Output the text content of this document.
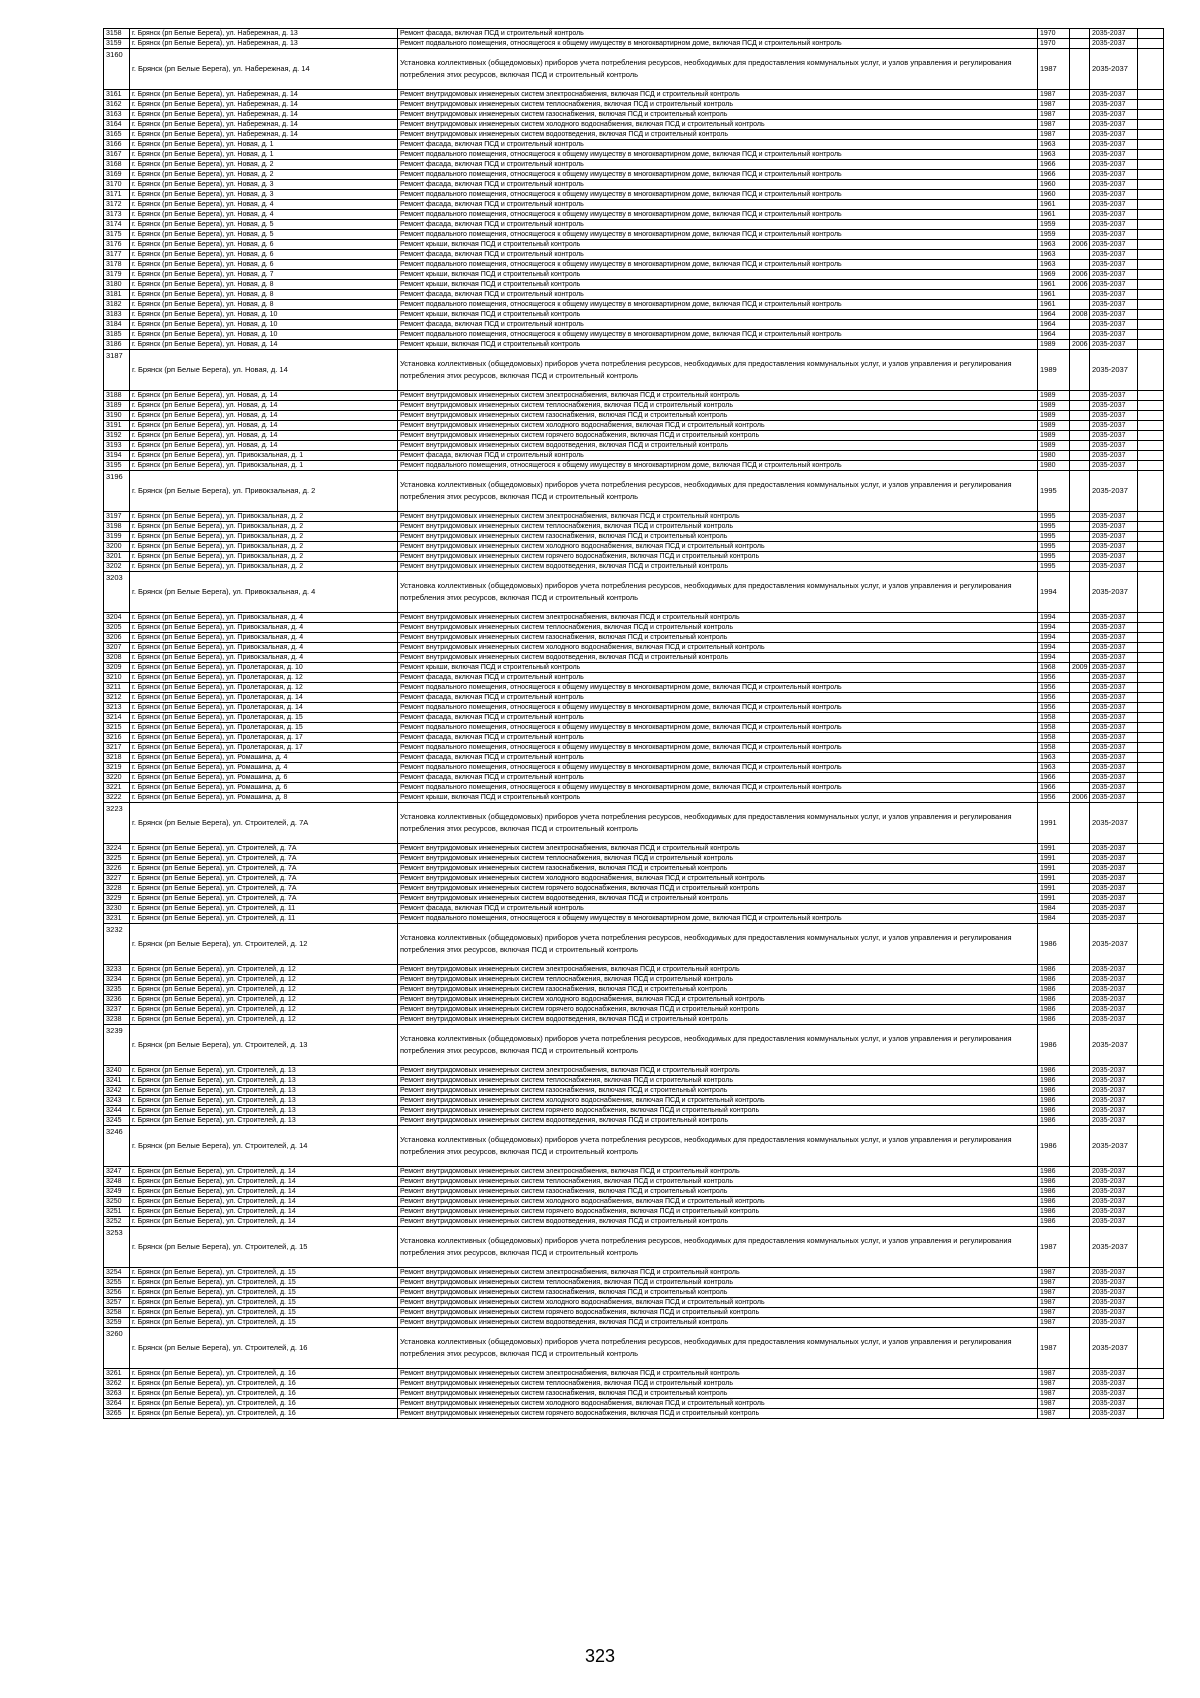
3158	г. Брянск (рп Белые Берега), ул. Набережная, д. 13	Ремонт фасада, включая ПСД и строительный контроль	1970		2035-2037	
3159	г. Брянск (рп Белые Берега), ул. Набережная, д. 13	Ремонт подвального помещения, относящегося к общему имуществу в многоквартирном доме, включая ПСД и строительный контроль	1970		2035-2037	
3160	г. Брянск (рп Белые Берега), ул. Набережная, д. 14	Установка коллективных (общедомовых) приборов учета потребления ресурсов, необходимых для предоставления коммунальных услуг, и узлов управления и регулирования потребления этих ресурсов, включая ПСД и строительный контроль	1987		2035-2037	
3161	г. Брянск (рп Белые Берега), ул. Набережная, д. 14	Ремонт внутридомовых инженерных систем электроснабжения, включая ПСД и строительный контроль	1987		2035-2037	
3162	г. Брянск (рп Белые Берега), ул. Набережная, д. 14	Ремонт внутридомовых инженерных систем теплоснабжения, включая ПСД и строительный контроль	1987		2035-2037	
3163	г. Брянск (рп Белые Берега), ул. Набережная, д. 14	Ремонт внутридомовых инженерных систем газоснабжения, включая ПСД и строительный контроль	1987		2035-2037	
3164	г. Брянск (рп Белые Берега), ул. Набережная, д. 14	Ремонт внутридомовых инженерных систем холодного водоснабжения, включая ПСД и строительный контроль	1987		2035-2037	
3165	г. Брянск (рп Белые Берега), ул. Набережная, д. 14	Ремонт внутридомовых инженерных систем водоотведения, включая ПСД и строительный контроль	1987		2035-2037	
3166	г. Брянск (рп Белые Берега), ул. Новая, д. 1	Ремонт фасада, включая ПСД и строительный контроль	1963		2035-2037	
3167	г. Брянск (рп Белые Берега), ул. Новая, д. 1	Ремонт подвального помещения, относящегося к общему имуществу в многоквартирном доме, включая ПСД и строительный контроль	1963		2035-2037	
3168	г. Брянск (рп Белые Берега), ул. Новая, д. 2	Ремонт фасада, включая ПСД и строительный контроль	1966		2035-2037	
3169	г. Брянск (рп Белые Берега), ул. Новая, д. 2	Ремонт подвального помещения, относящегося к общему имуществу в многоквартирном доме, включая ПСД и строительный контроль	1966		2035-2037	
3170	г. Брянск (рп Белые Берега), ул. Новая, д. 3	Ремонт фасада, включая ПСД и строительный контроль	1960		2035-2037	
3171	г. Брянск (рп Белые Берега), ул. Новая, д. 3	Ремонт подвального помещения, относящегося к общему имуществу в многоквартирном доме, включая ПСД и строительный контроль	1960		2035-2037	
3172	г. Брянск (рп Белые Берега), ул. Новая, д. 4	Ремонт фасада, включая ПСД и строительный контроль	1961		2035-2037	
3173	г. Брянск (рп Белые Берега), ул. Новая, д. 4	Ремонт подвального помещения, относящегося к общему имуществу в многоквартирном доме, включая ПСД и строительный контроль	1961		2035-2037	
3174	г. Брянск (рп Белые Берега), ул. Новая, д. 5	Ремонт фасада, включая ПСД и строительный контроль	1959		2035-2037	
3175	г. Брянск (рп Белые Берега), ул. Новая, д. 5	Ремонт подвального помещения, относящегося к общему имуществу в многоквартирном доме, включая ПСД и строительный контроль	1959		2035-2037	
3176	г. Брянск (рп Белые Берега), ул. Новая, д. 6	Ремонт крыши, включая ПСД и строительный контроль	1963	2006	2035-2037	
3177	г. Брянск (рп Белые Берега), ул. Новая, д. 6	Ремонт фасада, включая ПСД и строительный контроль	1963		2035-2037	
3178	г. Брянск (рп Белые Берега), ул. Новая, д. 6	Ремонт подвального помещения, относящегося к общему имуществу в многоквартирном доме, включая ПСД и строительный контроль	1963		2035-2037	
3179	г. Брянск (рп Белые Берега), ул. Новая, д. 7	Ремонт крыши, включая ПСД и строительный контроль	1969	2006	2035-2037	
3180	г. Брянск (рп Белые Берега), ул. Новая, д. 8	Ремонт крыши, включая ПСД и строительный контроль	1961	2006	2035-2037	
3181	г. Брянск (рп Белые Берега), ул. Новая, д. 8	Ремонт фасада, включая ПСД и строительный контроль	1961		2035-2037	
3182	г. Брянск (рп Белые Берега), ул. Новая, д. 8	Ремонт подвального помещения, относящегося к общему имуществу в многоквартирном доме, включая ПСД и строительный контроль	1961		2035-2037	
3183	г. Брянск (рп Белые Берега), ул. Новая, д. 10	Ремонт крыши, включая ПСД и строительный контроль	1964	2008	2035-2037	
3184	г. Брянск (рп Белые Берега), ул. Новая, д. 10	Ремонт фасада, включая ПСД и строительный контроль	1964		2035-2037	
3185	г. Брянск (рп Белые Берега), ул. Новая, д. 10	Ремонт подвального помещения, относящегося к общему имуществу в многоквартирном доме, включая ПСД и строительный контроль	1964		2035-2037	
3186	г. Брянск (рп Белые Берега), ул. Новая, д. 14	Ремонт крыши, включая ПСД и строительный контроль	1989	2006	2035-2037	
3187	г. Брянск (рп Белые Берега), ул. Новая, д. 14	Установка коллективных (общедомовых) приборов учета потребления ресурсов, необходимых для предоставления коммунальных услуг, и узлов управления и регулирования потребления этих ресурсов, включая ПСД и строительный контроль	1989		2035-2037	
3188	г. Брянск (рп Белые Берега), ул. Новая, д. 14	Ремонт внутридомовых инженерных систем электроснабжения, включая ПСД и строительный контроль	1989		2035-2037	
3189	г. Брянск (рп Белые Берега), ул. Новая, д. 14	Ремонт внутридомовых инженерных систем теплоснабжения, включая ПСД и строительный контроль	1989		2035-2037	
3190	г. Брянск (рп Белые Берега), ул. Новая, д. 14	Ремонт внутридомовых инженерных систем газоснабжения, включая ПСД и строительный контроль	1989		2035-2037	
3191	г. Брянск (рп Белые Берега), ул. Новая, д. 14	Ремонт внутридомовых инженерных систем холодного водоснабжения, включая ПСД и строительный контроль	1989		2035-2037	
3192	г. Брянск (рп Белые Берега), ул. Новая, д. 14	Ремонт внутридомовых инженерных систем горячего водоснабжения, включая ПСД и строительный контроль	1989		2035-2037	
3193	г. Брянск (рп Белые Берега), ул. Новая, д. 14	Ремонт внутридомовых инженерных систем водоотведения, включая ПСД и строительный контроль	1989		2035-2037	
3194	г. Брянск (рп Белые Берега), ул. Привокзальная, д. 1	Ремонт фасада, включая ПСД и строительный контроль	1980		2035-2037	
3195	г. Брянск (рп Белые Берега), ул. Привокзальная, д. 1	Ремонт подвального помещения, относящегося к общему имуществу в многоквартирном доме, включая ПСД и строительный контроль	1980		2035-2037	
3196	г. Брянск (рп Белые Берега), ул. Привокзальная, д. 2	Установка коллективных (общедомовых) приборов учета потребления ресурсов, необходимых для предоставления коммунальных услуг, и узлов управления и регулирования потребления этих ресурсов, включая ПСД и строительный контроль	1995		2035-2037	
3197	г. Брянск (рп Белые Берега), ул. Привокзальная, д. 2	Ремонт внутридомовых инженерных систем электроснабжения, включая ПСД и строительный контроль	1995		2035-2037	
3198	г. Брянск (рп Белые Берега), ул. Привокзальная, д. 2	Ремонт внутридомовых инженерных систем теплоснабжения, включая ПСД и строительный контроль	1995		2035-2037	
3199	г. Брянск (рп Белые Берега), ул. Привокзальная, д. 2	Ремонт внутридомовых инженерных систем газоснабжения, включая ПСД и строительный контроль	1995		2035-2037	
3200	г. Брянск (рп Белые Берега), ул. Привокзальная, д. 2	Ремонт внутридомовых инженерных систем холодного водоснабжения, включая ПСД и строительный контроль	1995		2035-2037	
3201	г. Брянск (рп Белые Берега), ул. Привокзальная, д. 2	Ремонт внутридомовых инженерных систем горячего водоснабжения, включая ПСД и строительный контроль	1995		2035-2037	
3202	г. Брянск (рп Белые Берега), ул. Привокзальная, д. 2	Ремонт внутридомовых инженерных систем водоотведения, включая ПСД и строительный контроль	1995		2035-2037	
3203	г. Брянск (рп Белые Берега), ул. Привокзальная, д. 4	Установка коллективных (общедомовых) приборов учета потребления ресурсов, необходимых для предоставления коммунальных услуг, и узлов управления и регулирования потребления этих ресурсов, включая ПСД и строительный контроль	1994		2035-2037	
3204	г. Брянск (рп Белые Берега), ул. Привокзальная, д. 4	Ремонт внутридомовых инженерных систем электроснабжения, включая ПСД и строительный контроль	1994		2035-2037	
3205	г. Брянск (рп Белые Берега), ул. Привокзальная, д. 4	Ремонт внутридомовых инженерных систем теплоснабжения, включая ПСД и строительный контроль	1994		2035-2037	
3206	г. Брянск (рп Белые Берега), ул. Привокзальная, д. 4	Ремонт внутридомовых инженерных систем газоснабжения, включая ПСД и строительный контроль	1994		2035-2037	
3207	г. Брянск (рп Белые Берега), ул. Привокзальная, д. 4	Ремонт внутридомовых инженерных систем холодного водоснабжения, включая ПСД и строительный контроль	1994		2035-2037	
3208	г. Брянск (рп Белые Берега), ул. Привокзальная, д. 4	Ремонт внутридомовых инженерных систем водоотведения, включая ПСД и строительный контроль	1994		2035-2037	
3209	г. Брянск (рп Белые Берега), ул. Пролетарская, д. 10	Ремонт крыши, включая ПСД и строительный контроль	1968	2009	2035-2037	
3210	г. Брянск (рп Белые Берега), ул. Пролетарская, д. 12	Ремонт фасада, включая ПСД и строительный контроль	1956		2035-2037	
3211	г. Брянск (рп Белые Берега), ул. Пролетарская, д. 12	Ремонт подвального помещения, относящегося к общему имуществу в многоквартирном доме, включая ПСД и строительный контроль	1956		2035-2037	
3212	г. Брянск (рп Белые Берега), ул. Пролетарская, д. 14	Ремонт фасада, включая ПСД и строительный контроль	1956		2035-2037	
3213	г. Брянск (рп Белые Берега), ул. Пролетарская, д. 14	Ремонт подвального помещения, относящегося к общему имуществу в многоквартирном доме, включая ПСД и строительный контроль	1956		2035-2037	
3214	г. Брянск (рп Белые Берега), ул. Пролетарская, д. 15	Ремонт фасада, включая ПСД и строительный контроль	1958		2035-2037	
3215	г. Брянск (рп Белые Берега), ул. Пролетарская, д. 15	Ремонт подвального помещения, относящегося к общему имуществу в многоквартирном доме, включая ПСД и строительный контроль	1958		2035-2037	
3216	г. Брянск (рп Белые Берега), ул. Пролетарская, д. 17	Ремонт фасада, включая ПСД и строительный контроль	1958		2035-2037	
3217	г. Брянск (рп Белые Берега), ул. Пролетарская, д. 17	Ремонт подвального помещения, относящегося к общему имуществу в многоквартирном доме, включая ПСД и строительный контроль	1958		2035-2037	
3218	г. Брянск (рп Белые Берега), ул. Ромашина, д. 4	Ремонт фасада, включая ПСД и строительный контроль	1963		2035-2037	
3219	г. Брянск (рп Белые Берега), ул. Ромашина, д. 4	Ремонт подвального помещения, относящегося к общему имуществу в многоквартирном доме, включая ПСД и строительный контроль	1963		2035-2037	
3220	г. Брянск (рп Белые Берега), ул. Ромашина, д. 6	Ремонт фасада, включая ПСД и строительный контроль	1966		2035-2037	
3221	г. Брянск (рп Белые Берега), ул. Ромашина, д. 6	Ремонт подвального помещения, относящегося к общему имуществу в многоквартирном доме, включая ПСД и строительный контроль	1966		2035-2037	
3222	г. Брянск (рп Белые Берега), ул. Ромашина, д. 8	Ремонт крыши, включая ПСД и строительный контроль	1956	2006	2035-2037	
3223	г. Брянск (рп Белые Берега), ул. Строителей, д. 7А	Установка коллективных (общедомовых) приборов учета потребления ресурсов, необходимых для предоставления коммунальных услуг, и узлов управления и регулирования потребления этих ресурсов, включая ПСД и строительный контроль	1991		2035-2037	
3224	г. Брянск (рп Белые Берега), ул. Строителей, д. 7А	Ремонт внутридомовых инженерных систем электроснабжения, включая ПСД и строительный контроль	1991		2035-2037	
3225	г. Брянск (рп Белые Берега), ул. Строителей, д. 7А	Ремонт внутридомовых инженерных систем теплоснабжения, включая ПСД и строительный контроль	1991		2035-2037	
3226	г. Брянск (рп Белые Берега), ул. Строителей, д. 7А	Ремонт внутридомовых инженерных систем газоснабжения, включая ПСД и строительный контроль	1991		2035-2037	
3227	г. Брянск (рп Белые Берега), ул. Строителей, д. 7А	Ремонт внутридомовых инженерных систем холодного водоснабжения, включая ПСД и строительный контроль	1991		2035-2037	
3228	г. Брянск (рп Белые Берега), ул. Строителей, д. 7А	Ремонт внутридомовых инженерных систем горячего водоснабжения, включая ПСД и строительный контроль	1991		2035-2037	
3229	г. Брянск (рп Белые Берега), ул. Строителей, д. 7А	Ремонт внутридомовых инженерных систем водоотведения, включая ПСД и строительный контроль	1991		2035-2037	
3230	г. Брянск (рп Белые Берега), ул. Строителей, д. 11	Ремонт фасада, включая ПСД и строительный контроль	1984		2035-2037	
3231	г. Брянск (рп Белые Берега), ул. Строителей, д. 11	Ремонт подвального помещения, относящегося к общему имуществу в многоквартирном доме, включая ПСД и строительный контроль	1984		2035-2037	
3232	г. Брянск (рп Белые Берега), ул. Строителей, д. 12	Установка коллективных (общедомовых) приборов учета потребления ресурсов, необходимых для предоставления коммунальных услуг, и узлов управления и регулирования потребления этих ресурсов, включая ПСД и строительный контроль	1986		2035-2037	
3233	г. Брянск (рп Белые Берега), ул. Строителей, д. 12	Ремонт внутридомовых инженерных систем электроснабжения, включая ПСД и строительный контроль	1986		2035-2037	
3234	г. Брянск (рп Белые Берега), ул. Строителей, д. 12	Ремонт внутридомовых инженерных систем теплоснабжения, включая ПСД и строительный контроль	1986		2035-2037	
3235	г. Брянск (рп Белые Берега), ул. Строителей, д. 12	Ремонт внутридомовых инженерных систем газоснабжения, включая ПСД и строительный контроль	1986		2035-2037	
3236	г. Брянск (рп Белые Берега), ул. Строителей, д. 12	Ремонт внутридомовых инженерных систем холодного водоснабжения, включая ПСД и строительный контроль	1986		2035-2037	
3237	г. Брянск (рп Белые Берега), ул. Строителей, д. 12	Ремонт внутридомовых инженерных систем горячего водоснабжения, включая ПСД и строительный контроль	1986		2035-2037	
3238	г. Брянск (рп Белые Берега), ул. Строителей, д. 12	Ремонт внутридомовых инженерных систем водоотведения, включая ПСД и строительный контроль	1986		2035-2037	
3239	г. Брянск (рп Белые Берега), ул. Строителей, д. 13	Установка коллективных (общедомовых) приборов учета потребления ресурсов, необходимых для предоставления коммунальных услуг, и узлов управления и регулирования потребления этих ресурсов, включая ПСД и строительный контроль	1986		2035-2037	
3240	г. Брянск (рп Белые Берега), ул. Строителей, д. 13	Ремонт внутридомовых инженерных систем электроснабжения, включая ПСД и строительный контроль	1986		2035-2037	
3241	г. Брянск (рп Белые Берега), ул. Строителей, д. 13	Ремонт внутридомовых инженерных систем теплоснабжения, включая ПСД и строительный контроль	1986		2035-2037	
3242	г. Брянск (рп Белые Берега), ул. Строителей, д. 13	Ремонт внутридомовых инженерных систем газоснабжения, включая ПСД и строительный контроль	1986		2035-2037	
3243	г. Брянск (рп Белые Берега), ул. Строителей, д. 13	Ремонт внутридомовых инженерных систем холодного водоснабжения, включая ПСД и строительный контроль	1986		2035-2037	
3244	г. Брянск (рп Белые Берега), ул. Строителей, д. 13	Ремонт внутридомовых инженерных систем горячего водоснабжения, включая ПСД и строительный контроль	1986		2035-2037	
3245	г. Брянск (рп Белые Берега), ул. Строителей, д. 13	Ремонт внутридомовых инженерных систем водоотведения, включая ПСД и строительный контроль	1986		2035-2037	
3246	г. Брянск (рп Белые Берега), ул. Строителей, д. 14	Установка коллективных (общедомовых) приборов учета потребления ресурсов, необходимых для предоставления коммунальных услуг, и узлов управления и регулирования потребления этих ресурсов, включая ПСД и строительный контроль	1986		2035-2037	
3247	г. Брянск (рп Белые Берега), ул. Строителей, д. 14	Ремонт внутридомовых инженерных систем электроснабжения, включая ПСД и строительный контроль	1986		2035-2037	
3248	г. Брянск (рп Белые Берега), ул. Строителей, д. 14	Ремонт внутридомовых инженерных систем теплоснабжения, включая ПСД и строительный контроль	1986		2035-2037	
3249	г. Брянск (рп Белые Берега), ул. Строителей, д. 14	Ремонт внутридомовых инженерных систем газоснабжения, включая ПСД и строительный контроль	1986		2035-2037	
3250	г. Брянск (рп Белые Берега), ул. Строителей, д. 14	Ремонт внутридомовых инженерных систем холодного водоснабжения, включая ПСД и строительный контроль	1986		2035-2037	
3251	г. Брянск (рп Белые Берега), ул. Строителей, д. 14	Ремонт внутридомовых инженерных систем горячего водоснабжения, включая ПСД и строительный контроль	1986		2035-2037	
3252	г. Брянск (рп Белые Берега), ул. Строителей, д. 14	Ремонт внутридомовых инженерных систем водоотведения, включая ПСД и строительный контроль	1986		2035-2037	
3253	г. Брянск (рп Белые Берега), ул. Строителей, д. 15	Установка коллективных (общедомовых) приборов учета потребления ресурсов, необходимых для предоставления коммунальных услуг, и узлов управления и регулирования потребления этих ресурсов, включая ПСД и строительный контроль	1987		2035-2037	
3254	г. Брянск (рп Белые Берега), ул. Строителей, д. 15	Ремонт внутридомовых инженерных систем электроснабжения, включая ПСД и строительный контроль	1987		2035-2037	
3255	г. Брянск (рп Белые Берега), ул. Строителей, д. 15	Ремонт внутридомовых инженерных систем теплоснабжения, включая ПСД и строительный контроль	1987		2035-2037	
3256	г. Брянск (рп Белые Берега), ул. Строителей, д. 15	Ремонт внутридомовых инженерных систем газоснабжения, включая ПСД и строительный контроль	1987		2035-2037	
3257	г. Брянск (рп Белые Берега), ул. Строителей, д. 15	Ремонт внутридомовых инженерных систем холодного водоснабжения, включая ПСД и строительный контроль	1987		2035-2037	
3258	г. Брянск (рп Белые Берега), ул. Строителей, д. 15	Ремонт внутридомовых инженерных систем горячего водоснабжения, включая ПСД и строительный контроль	1987		2035-2037	
3259	г. Брянск (рп Белые Берега), ул. Строителей, д. 15	Ремонт внутридомовых инженерных систем водоотведения, включая ПСД и строительный контроль	1987		2035-2037	
3260	г. Брянск (рп Белые Берега), ул. Строителей, д. 16	Установка коллективных (общедомовых) приборов учета потребления ресурсов, необходимых для предоставления коммунальных услуг, и узлов управления и регулирования потребления этих ресурсов, включая ПСД и строительный контроль	1987		2035-2037	
3261	г. Брянск (рп Белые Берега), ул. Строителей, д. 16	Ремонт внутридомовых инженерных систем электроснабжения, включая ПСД и строительный контроль	1987		2035-2037	
3262	г. Брянск (рп Белые Берега), ул. Строителей, д. 16	Ремонт внутридомовых инженерных систем теплоснабжения, включая ПСД и строительный контроль	1987		2035-2037	
3263	г. Брянск (рп Белые Берега), ул. Строителей, д. 16	Ремонт внутридомовых инженерных систем газоснабжения, включая ПСД и строительный контроль	1987		2035-2037	
3264	г. Брянск (рп Белые Берега), ул. Строителей, д. 16	Ремонт внутридомовых инженерных систем холодного водоснабжения, включая ПСД и строительный контроль	1987		2035-2037	
3265	г. Брянск (рп Белые Берега), ул. Строителей, д. 16	Ремонт внутридомовых инженерных систем горячего водоснабжения, включая ПСД и строительный контроль	1987		2035-2037	
323
